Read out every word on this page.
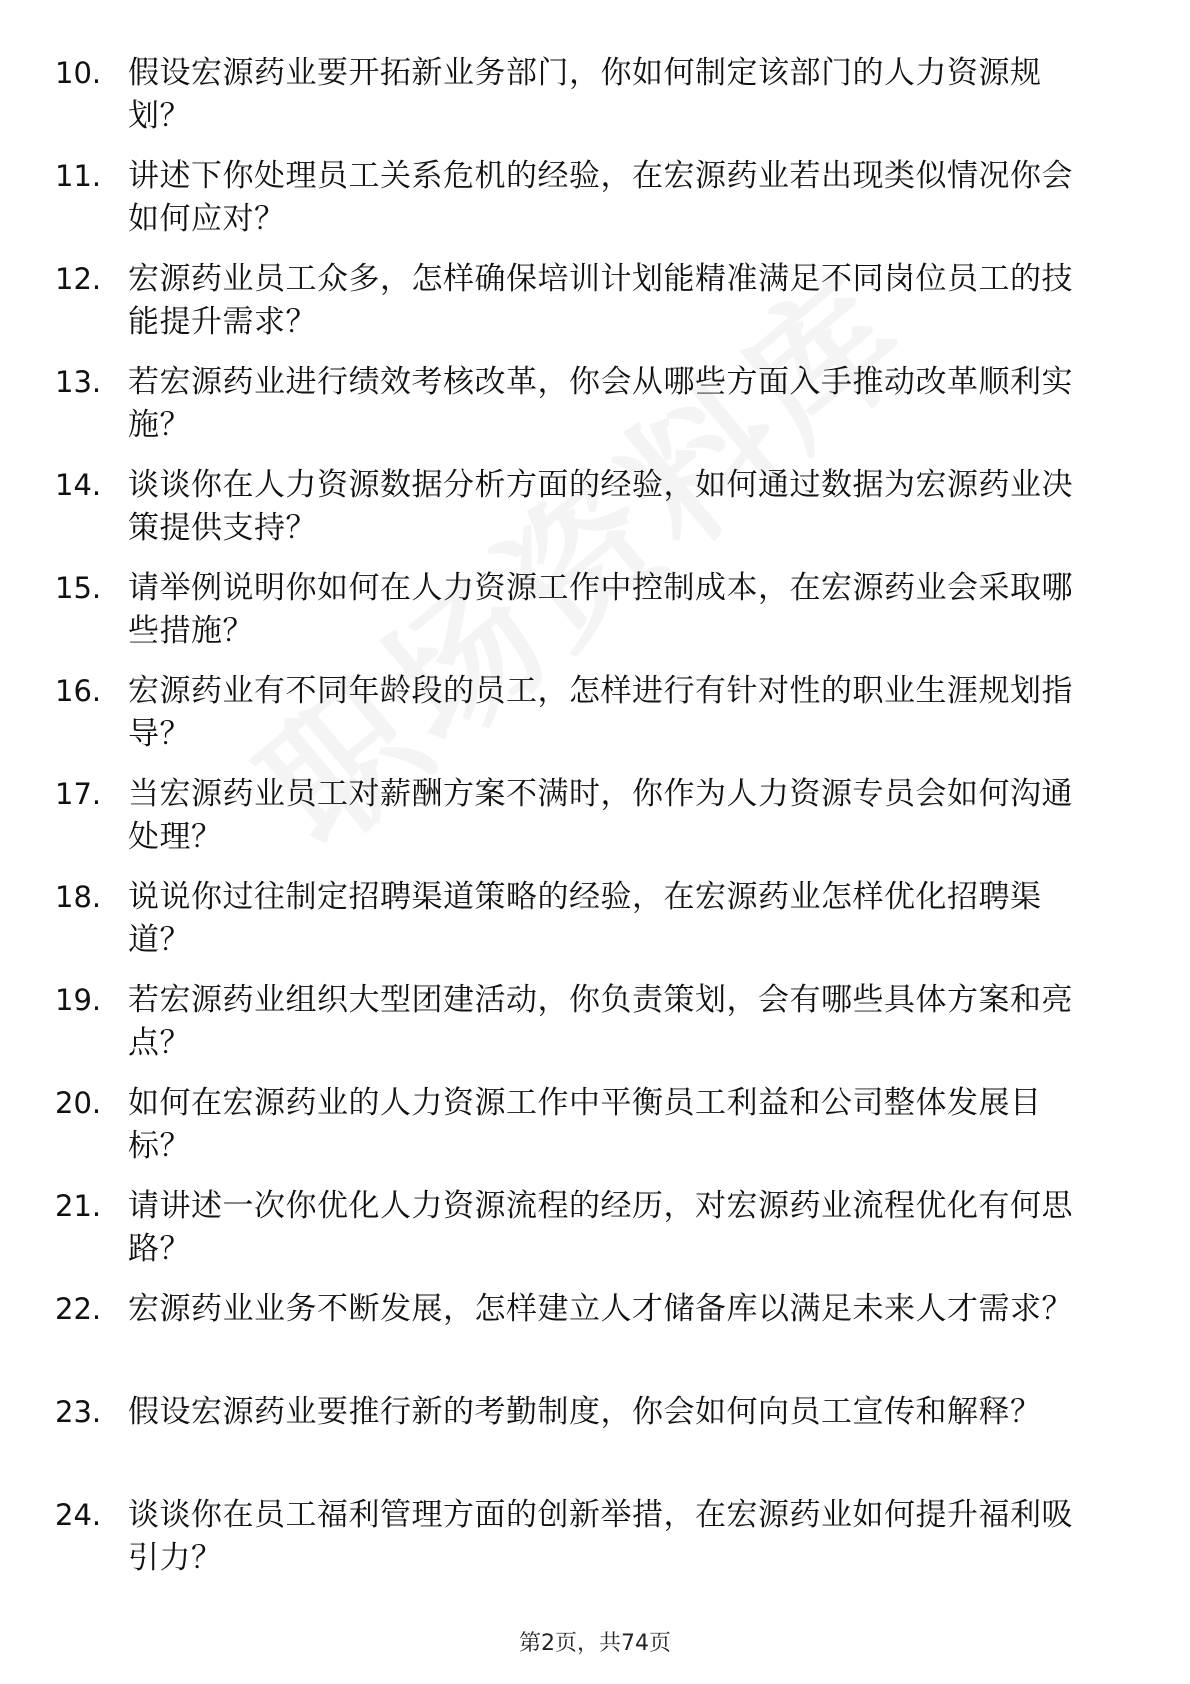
10. 假设宏源药业要开拓新业务部门，你如何制定该部门的人力资源规划？
11. 讲述下你处理员工关系危机的经验，在宏源药业若出现类似情况你会如何应对？
12. 宏源药业员工众多，怎样确保培训计划能精准满足不同岗位员工的技能提升需求？
13. 若宏源药业进行绩效考核改革，你会从哪些方面入手推动改革顺利实施？
14. 谈谈你在人力资源数据分析方面的经验，如何通过数据为宏源药业决策提供支持？
15. 请举例说明你如何在人力资源工作中控制成本，在宏源药业会采取哪些措施？
16. 宏源药业有不同年龄段的员工，怎样进行有针对性的职业生涯规划指导？
17. 当宏源药业员工对薪酬方案不满时，你作为人力资源专员会如何沟通处理？
18. 说说你过往制定招聘渠道策略的经验，在宏源药业怎样优化招聘渠道？
19. 若宏源药业组织大型团建活动，你负责策划，会有哪些具体方案和亮点？
20. 如何在宏源药业的人力资源工作中平衡员工利益和公司整体发展目标？
21. 请讲述一次你优化人力资源流程的经历，对宏源药业流程优化有何思路？
22. 宏源药业业务不断发展，怎样建立人才储备库以满足未来人才需求？
23. 假设宏源药业要推行新的考勤制度，你会如何向员工宣传和解释？
24. 谈谈你在员工福利管理方面的创新举措，在宏源药业如何提升福利吸引力？
第2页，共74页
